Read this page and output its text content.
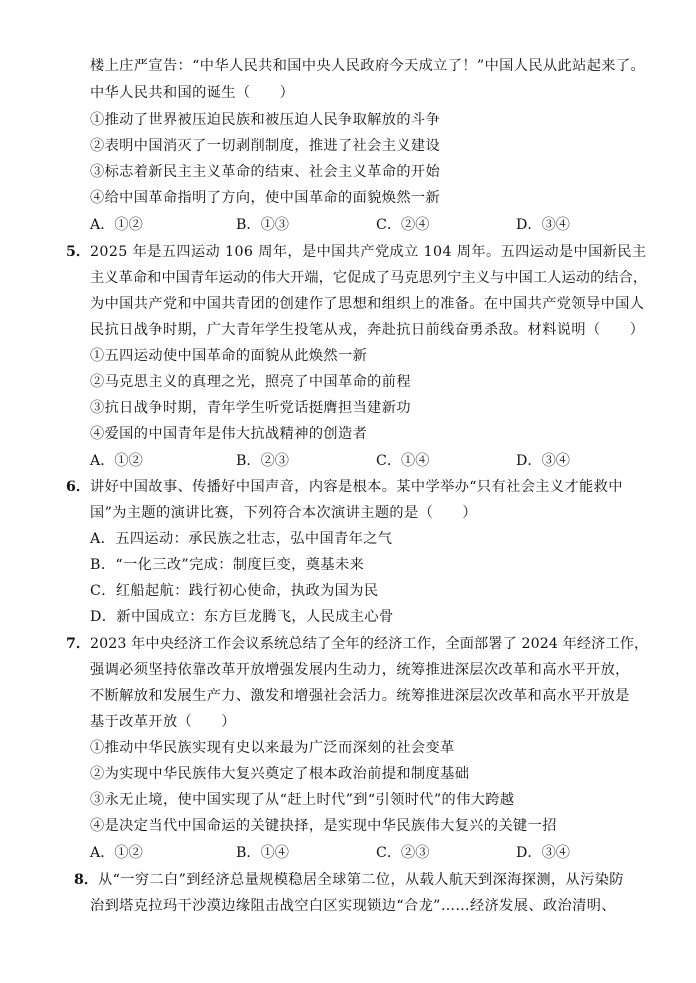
楼上庄严宣告：“中华人民共和国中央人民政府今天成立了！”中国人民从此站起来了。
中华人民共和国的诞生（　　）
①推动了世界被压迫民族和被压迫人民争取解放的斗争
②表明中国消灭了一切剥削制度，推进了社会主义建设
③标志着新民主主义革命的结束、社会主义革命的开始
④给中国革命指明了方向，使中国革命的面貌焕然一新
A．①②	B．①③	C．②④	D．③④
5． 2025 年是五四运动 106 周年，是中国共产党成立 104 周年。五四运动是中国新民主
主义革命和中国青年运动的伟大开端，它促成了马克思列宁主义与中国工人运动的结合，
为中国共产党和中国共青团的创建作了思想和组织上的准备。在中国共产党领导中国人
民抗日战争时期，广大青年学生投笔从戎，奔赴抗日前线奋勇杀敌。材料说明（　　）
①五四运动使中国革命的面貌从此焕然一新
②马克思主义的真理之光，照亮了中国革命的前程
③抗日战争时期，青年学生听党话挺膺担当建新功
④爱国的中国青年是伟大抗战精神的创造者
A．①②	B．②③	C．①④	D．③④
6． 讲好中国故事、传播好中国声音，内容是根本。某中学举办“只有社会主义才能救中
国”为主题的演讲比赛，下列符合本次演讲主题的是（　　）
A．五四运动：承民族之壮志，弘中国青年之气
B．“一化三改”完成：制度巨变，奠基未来
C．红船起航：践行初心使命，执政为国为民
D．新中国成立：东方巨龙腾飞，人民成主心骨
7． 2023 年中央经济工作会议系统总结了全年的经济工作，全面部署了 2024 年经济工作，
强调必须坚持依靠改革开放增强发展内生动力，统筹推进深层次改革和高水平开放，
不断解放和发展生产力、激发和增强社会活力。统筹推进深层次改革和高水平开放是
基于改革开放（　　）
①推动中华民族实现有史以来最为广泛而深刻的社会变革
②为实现中华民族伟大复兴奠定了根本政治前提和制度基础
③永无止境，使中国实现了从“赶上时代”到“引领时代”的伟大跨越
④是决定当代中国命运的关键抉择，是实现中华民族伟大复兴的关键一招
A．①②	B．①④	C．②③	D．③④
8． 从“一穷二白”到经济总量规模稳居全球第二位，从载人航天到深海探测，从污染防
治到塔克拉玛干沙漠边缘阻击战空白区实现锁边“合龙”……经济发展、政治清明、
